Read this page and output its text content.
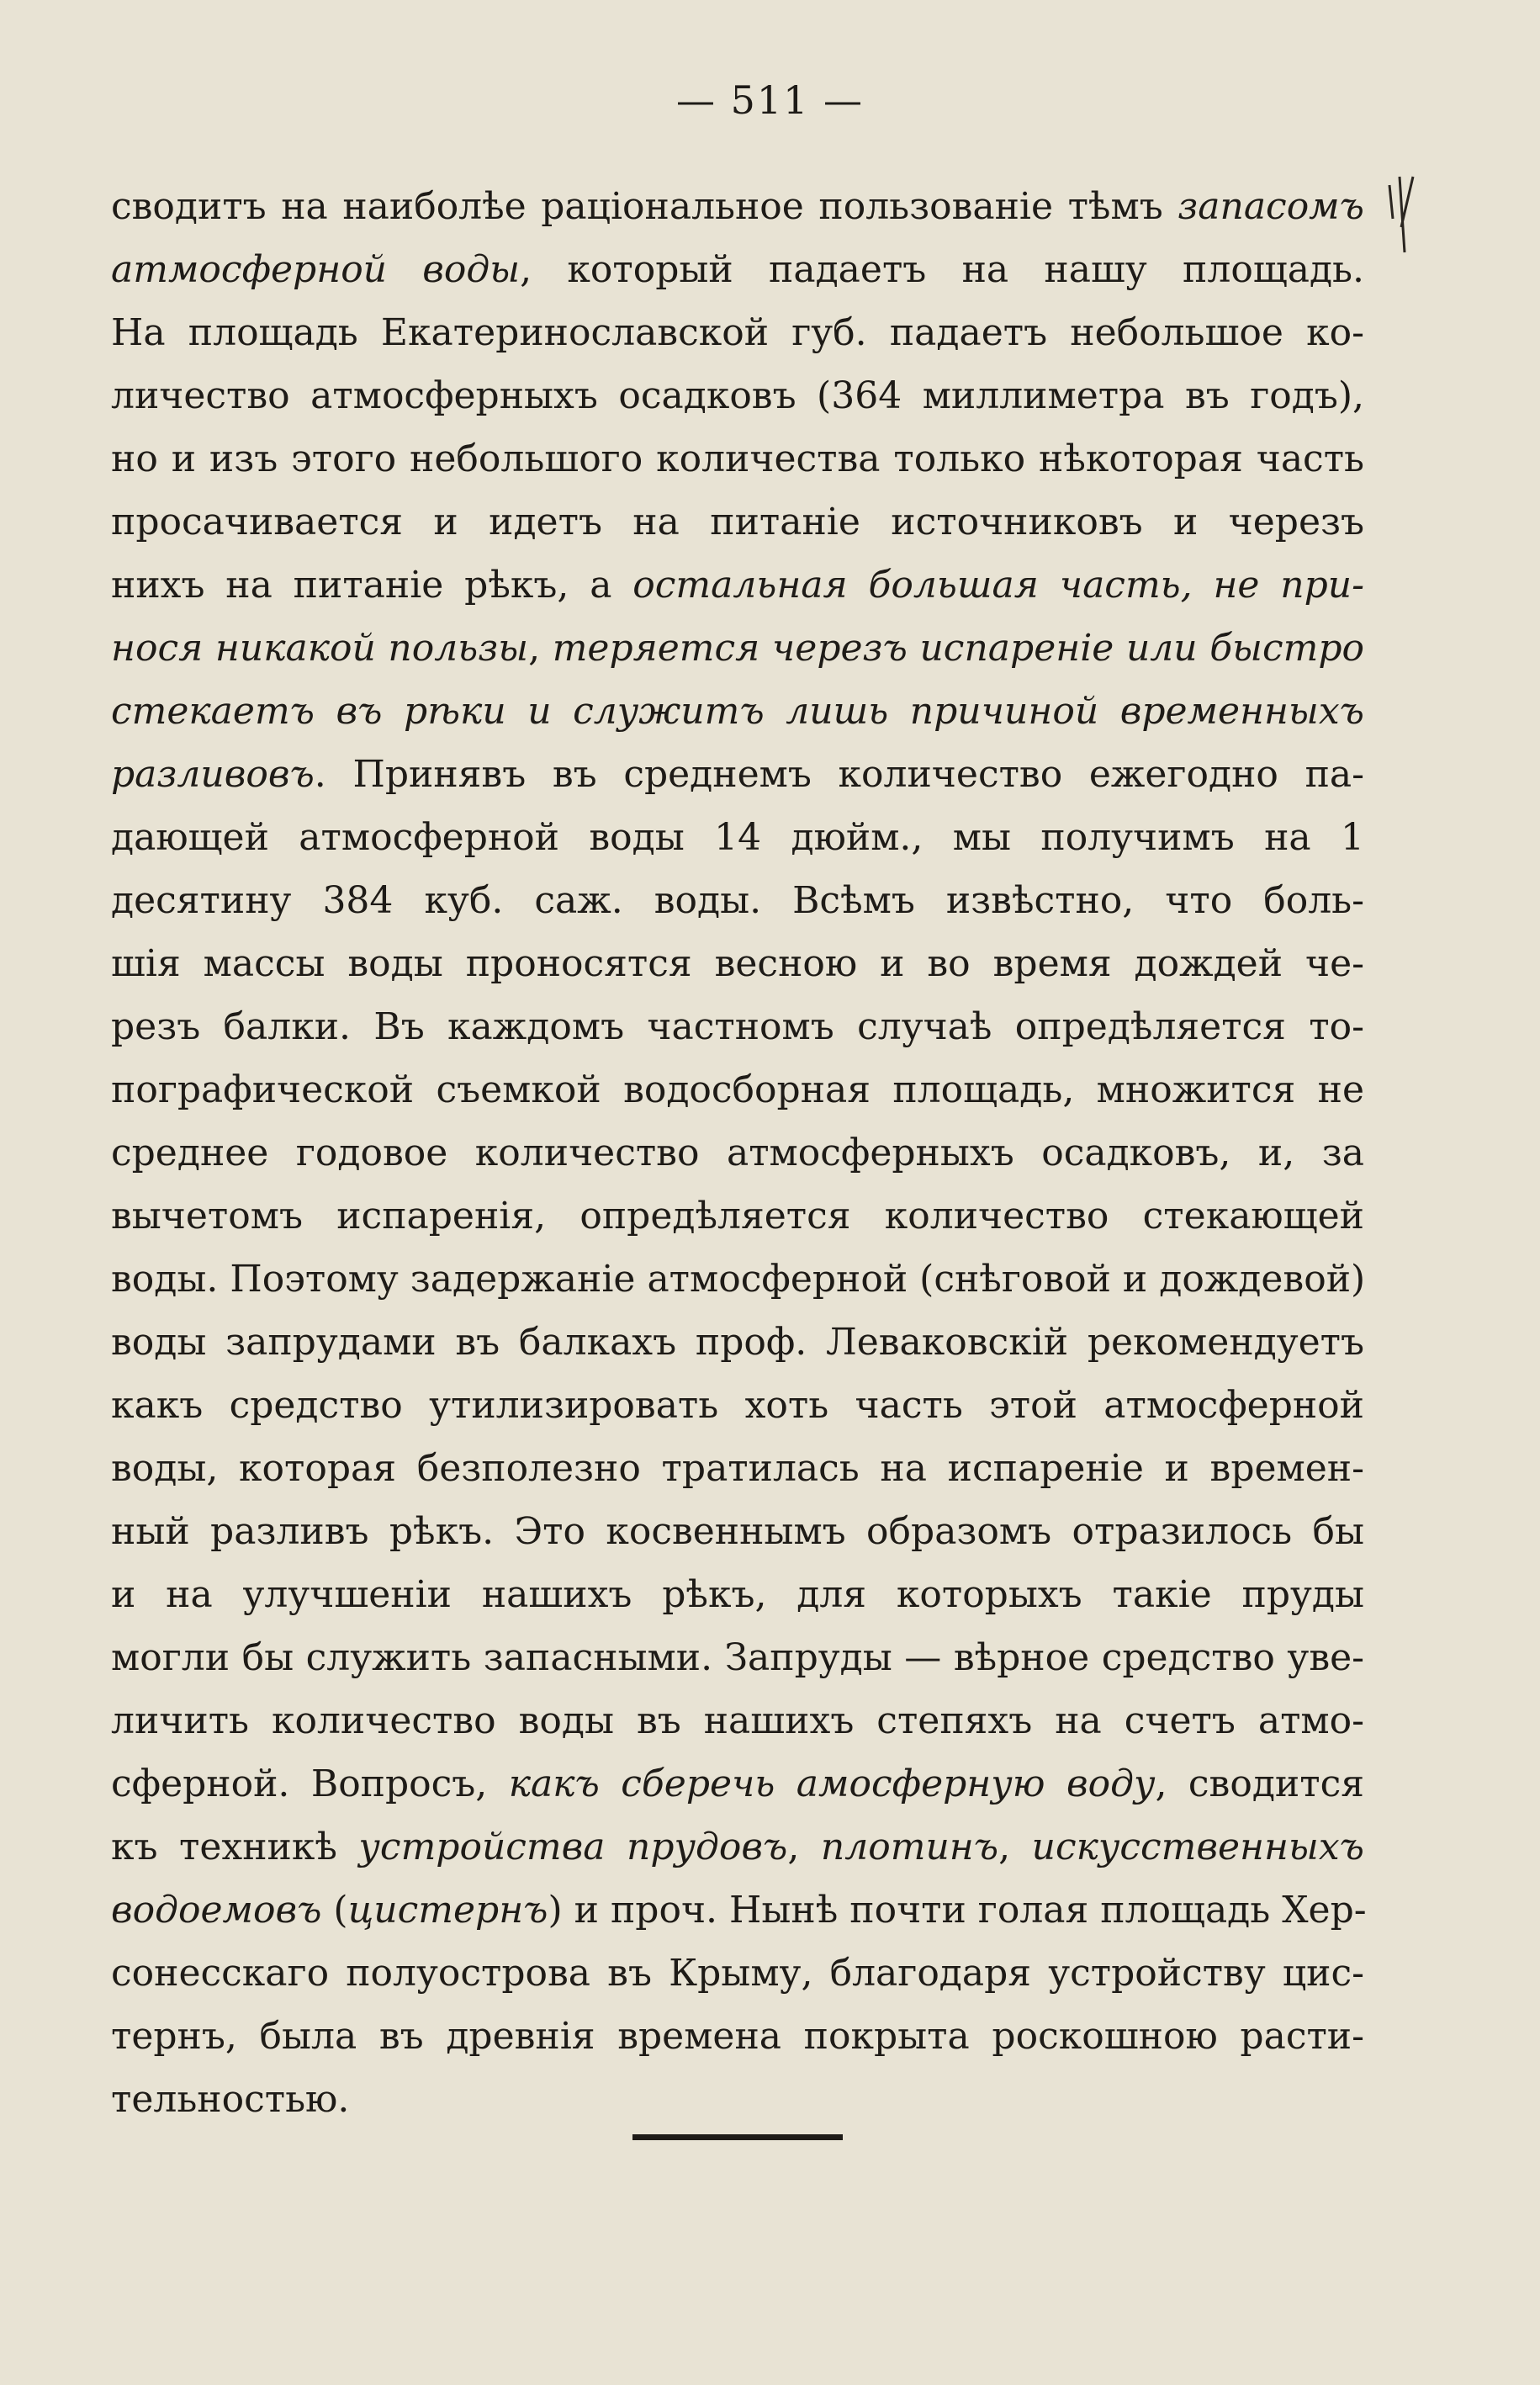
— 511 —
сводитъ на наиболѣе раціональное пользованіе тѣмъ запасомъ
атмосферной воды, который падаетъ на нашу площадь.
На площадь Екатеринославской губ. падаетъ небольшое ко-
личество атмосферныхъ осадковъ (364 миллиметра въ годъ),
но и изъ этого небольшого количества только нѣкоторая часть
просачивается и идетъ на питаніе источниковъ и черезъ
нихъ на питаніе рѣкъ, а остальная большая часть, не при-
нося никакой пользы, теряется черезъ испареніе или быстро
стекаетъ въ рѣки и служитъ лишь причиной временныхъ
разливовъ. Принявъ въ среднемъ количество ежегодно па-
дающей атмосферной воды 14 дюйм., мы получимъ на 1
десятину 384 куб. саж. воды. Всѣмъ извѣстно, что боль-
шія массы воды проносятся весною и во время дождей че-
резъ балки. Въ каждомъ частномъ случаѣ опредѣляется то-
пографической съемкой водосборная площадь, множится не
среднее годовое количество атмосферныхъ осадковъ, и, за
вычетомъ испаренія, опредѣляется количество стекающей
воды. Поэтому задержаніе атмосферной (снѣговой и дождевой)
воды запрудами въ балкахъ проф. Леваковскій рекомендуетъ
какъ средство утилизировать хоть часть этой атмосферной
воды, которая безполезно тратилась на испареніе и времен-
ный разливъ рѣкъ. Это косвеннымъ образомъ отразилось бы
и на улучшеніи нашихъ рѣкъ, для которыхъ такіе пруды
могли бы служить запасными. Запруды — вѣрное средство уве-
личить количество воды въ нашихъ степяхъ на счетъ атмо-
сферной. Вопросъ, какъ сберечь амосферную воду, сводится
къ техникѣ устройства прудовъ, плотинъ, искусственныхъ
водоемовъ (цистернъ) и проч. Нынѣ почти голая площадь Хер-
сонесскаго полуострова въ Крыму, благодаря устройству цис-
тернъ, была въ древнія времена покрыта роскошною расти-
тельностью.
